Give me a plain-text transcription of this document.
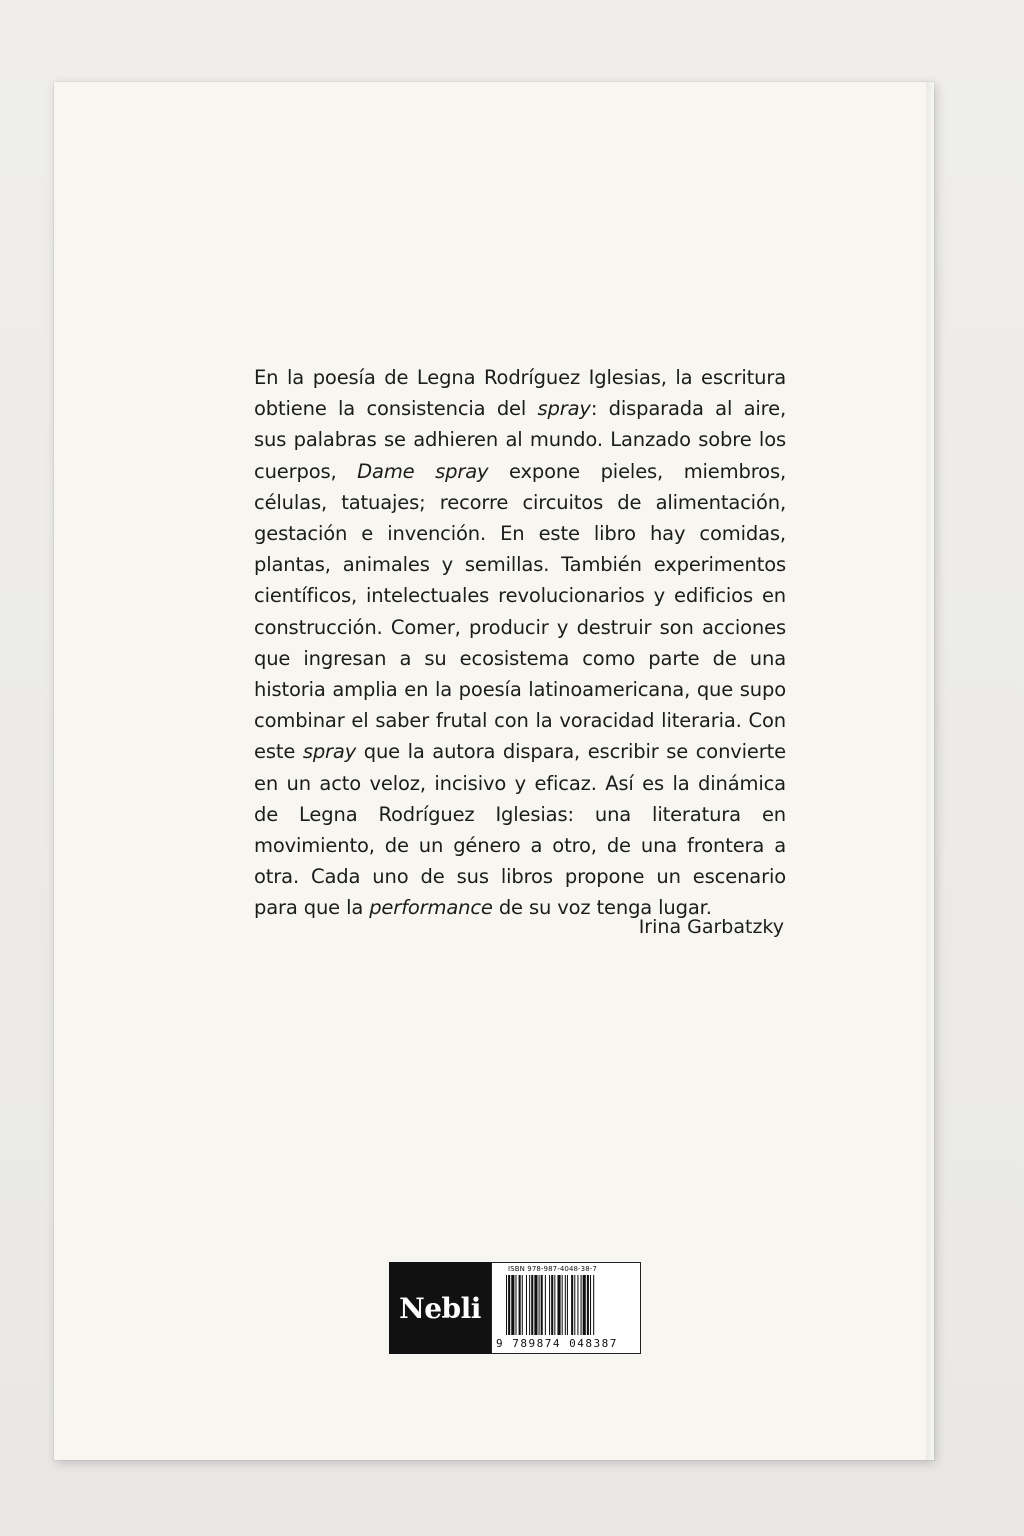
En la poesía de Legna Rodríguez Iglesias, la escritura obtiene la consistencia del spray: disparada al aire, sus palabras se adhieren al mundo. Lanzado sobre los cuerpos, Dame spray expone pieles, miembros, células, tatuajes; recorre circuitos de alimentación, gestación e invención. En este libro hay comidas, plantas, animales y semillas. También experimentos científicos, intelectuales revolucionarios y edificios en construcción. Comer, producir y destruir son acciones que ingresan a su ecosistema como parte de una historia amplia en la poesía latinoamericana, que supo combinar el saber frutal con la voracidad literaria. Con este spray que la autora dispara, escribir se convierte en un acto veloz, incisivo y eficaz. Así es la dinámica de Legna Rodríguez Iglesias: una literatura en movimiento, de un género a otro, de una frontera a otra. Cada uno de sus libros propone un escenario para que la performance de su voz tenga lugar.

Irina Garbatzky
Nebli
ISBN 978-987-4048-38-7
9 789874 048387
